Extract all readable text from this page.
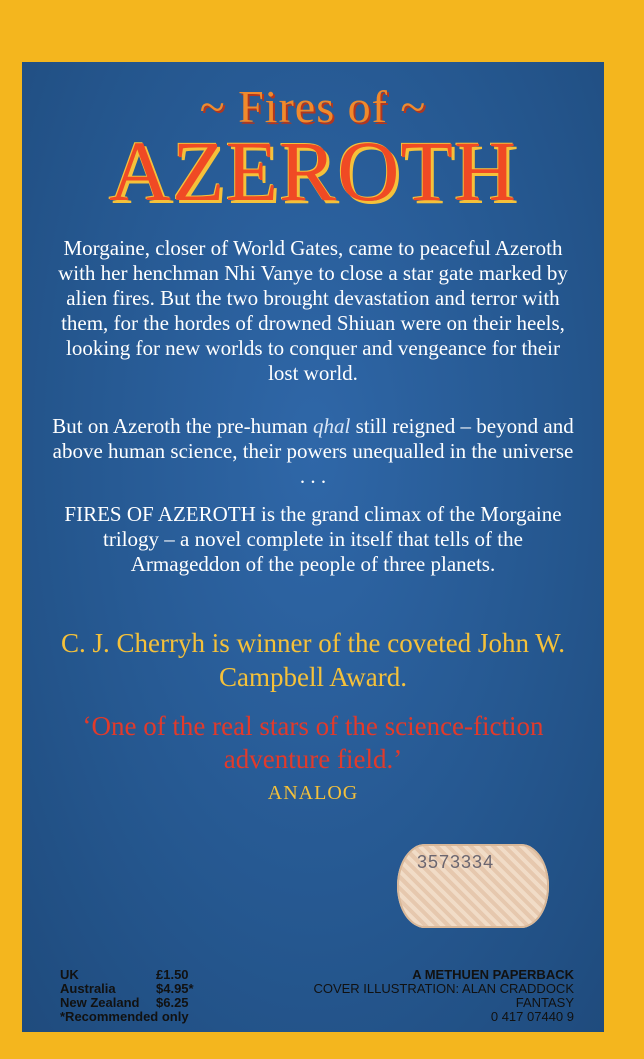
~ Fires of ~
AZEROTH

Morgaine, closer of World Gates, came to peaceful Azeroth with her henchman Nhi Vanye to close a star gate marked by alien fires. But the two brought devastation and terror with them, for the hordes of drowned Shiuan were on their heels, looking for new worlds to conquer and vengeance for their lost world.

But on Azeroth the pre-human qhal still reigned – beyond and above human science, their powers unequalled in the universe . . .

FIRES OF AZEROTH is the grand climax of the Morgaine trilogy – a novel complete in itself that tells of the Armageddon of the people of three planets.

C. J. Cherryh is winner of the coveted John W. Campbell Award.
‘One of the real stars of the science-fiction adventure field.’
ANALOG
3573334
UK	£1.50
Australia	$4.95*
New Zealand	$6.25
*Recommended only
A METHUEN PAPERBACK
COVER ILLUSTRATION: ALAN CRADDOCK
FANTASY
0 417 07440 9
